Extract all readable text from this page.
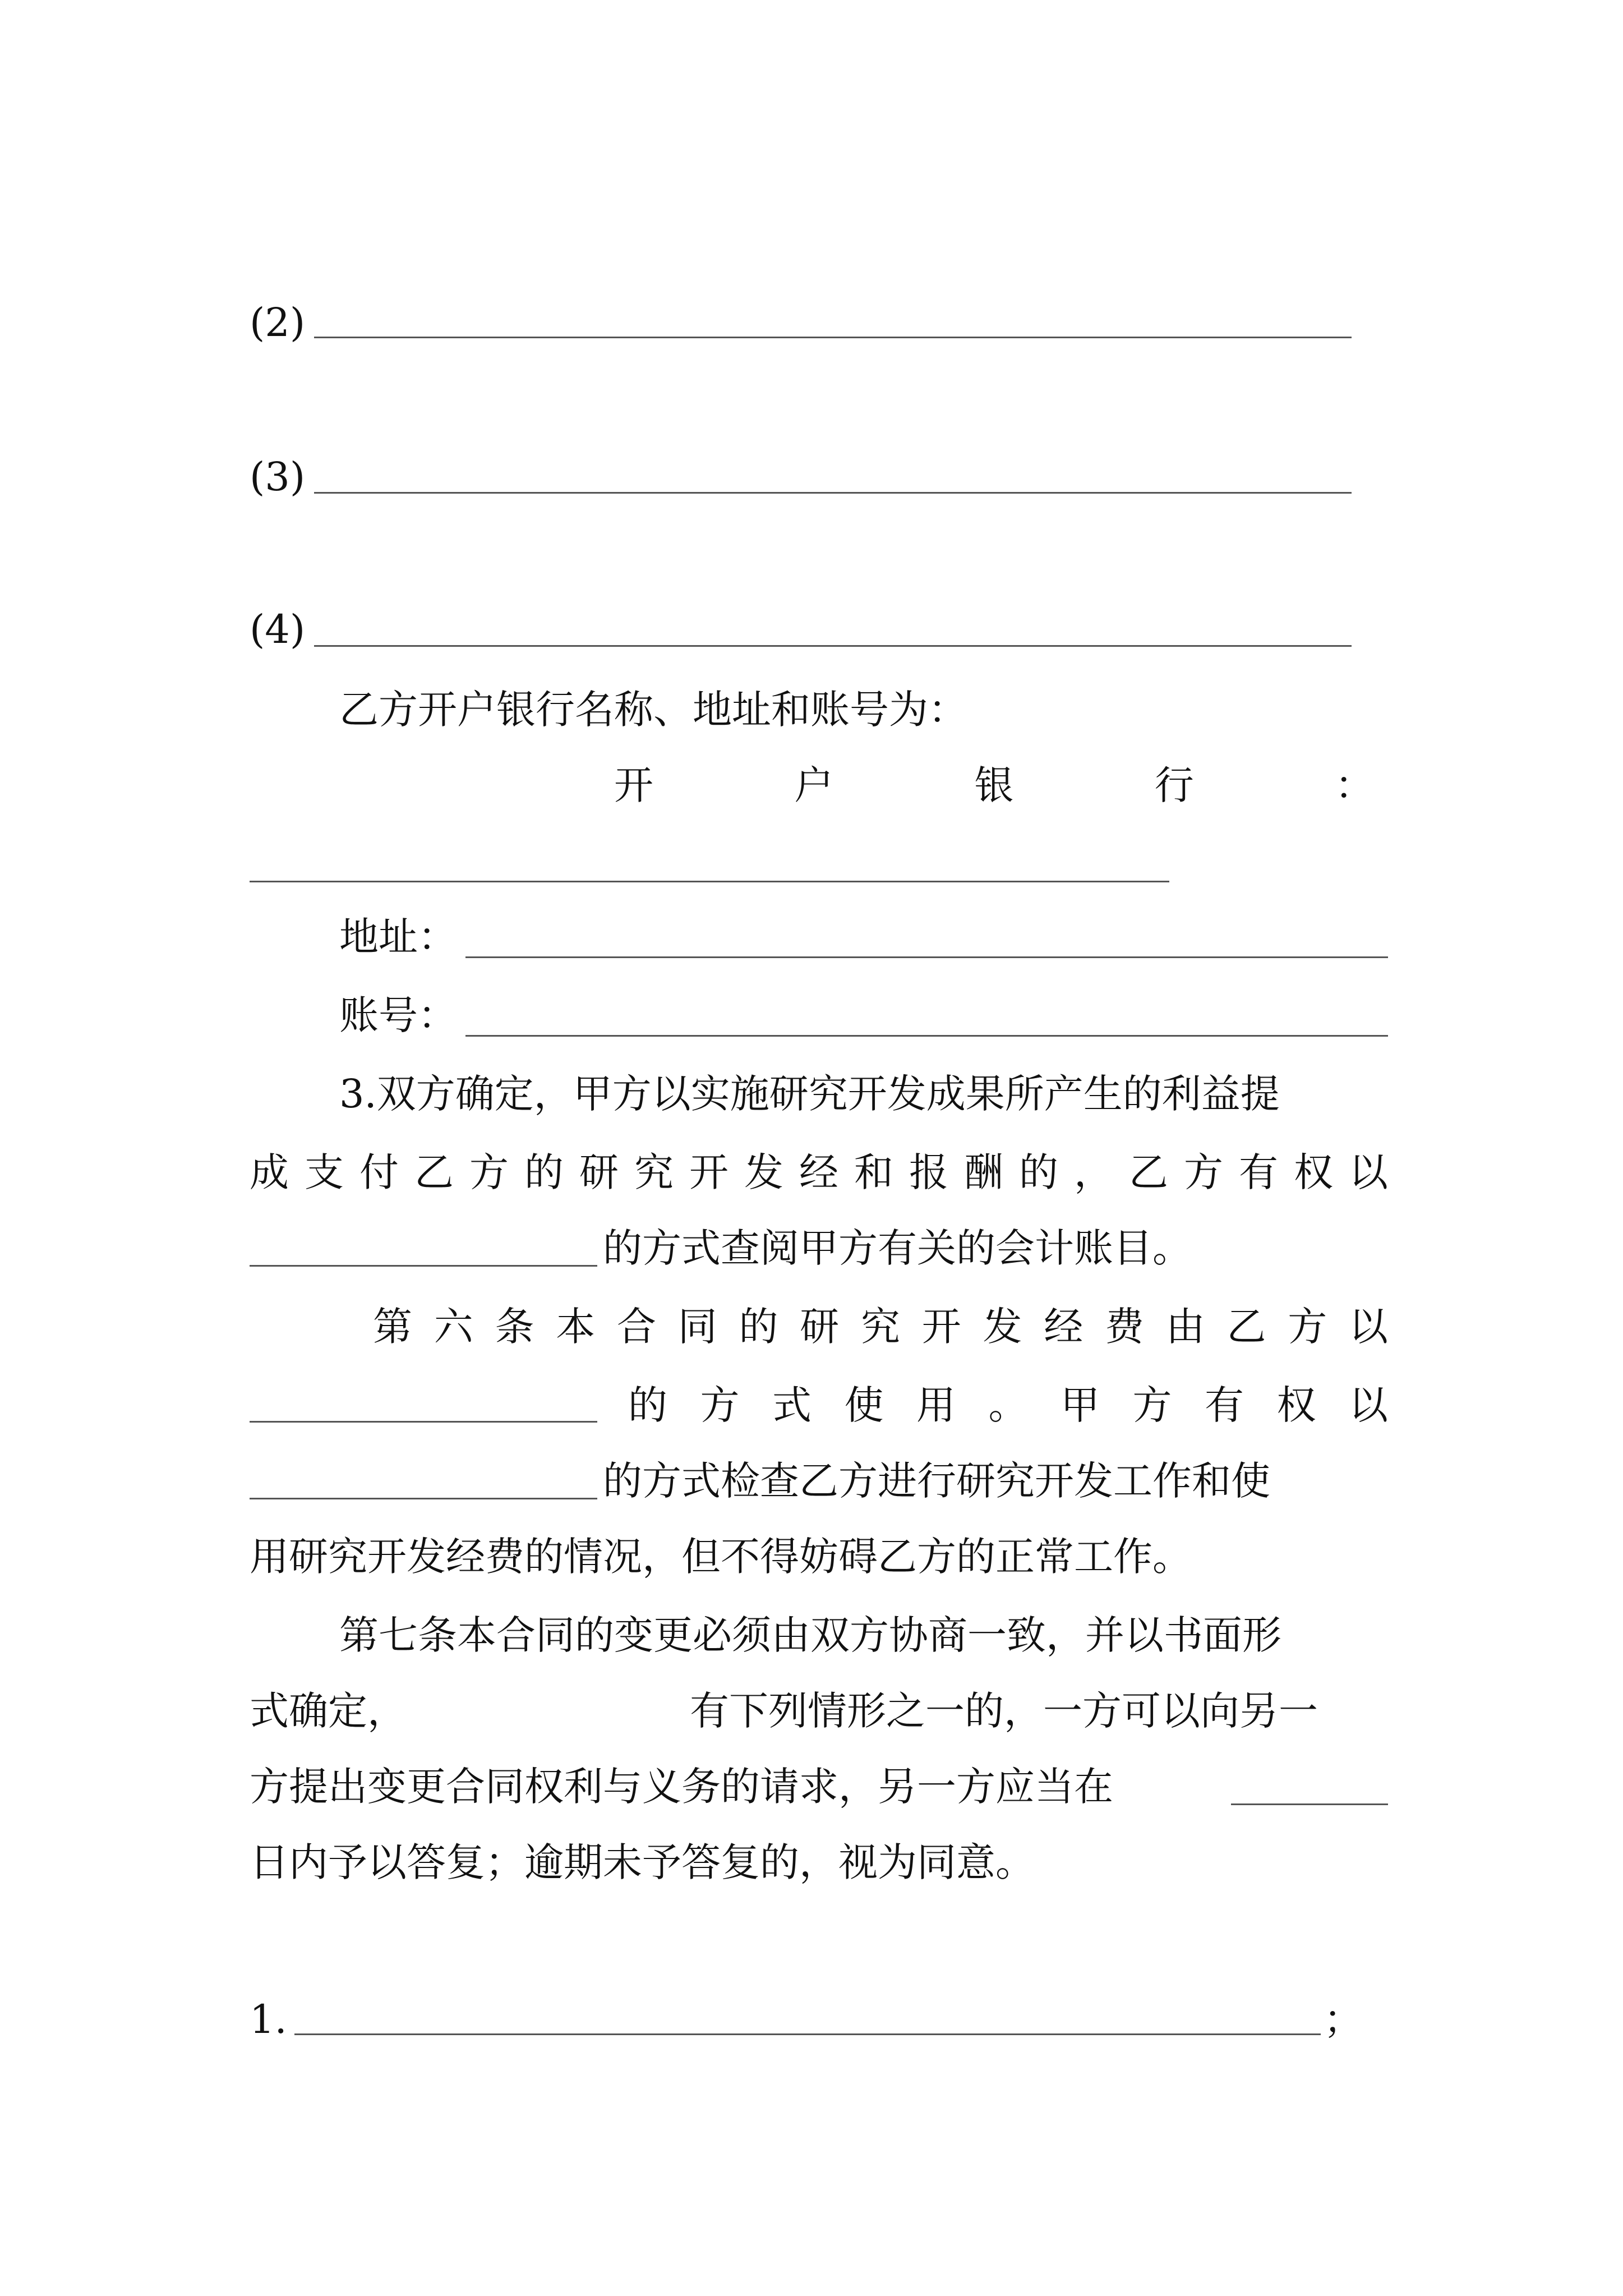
(2)
(3)
(4)
乙方开户银行名称、地址和账号为：
开	户	银	行	：
地址：
账号：
3.双方确定，甲方以实施研究开发成果所产生的利益提
成 支 付 乙 方 的 研 究 开 发 经 和 报 酬 的 ， 乙 方 有 权 以
的方式查阅甲方有关的会计账目。
第 六 条 本 合 同 的 研 究 开 发 经 费 由 乙 方 以
的 方 式 使 用 。 甲 方 有 权 以
的方式检查乙方进行研究开发工作和使
用研究开发经费的情况，但不得妨碍乙方的正常工作。
第七条本合同的变更必须由双方协商一致，并以书面形
式确定，	有下列情形之一的，一方可以向另一
方提出变更合同权利与义务的请求，另一方应当在
日内予以答复；逾期未予答复的，视为同意。
1.	；
